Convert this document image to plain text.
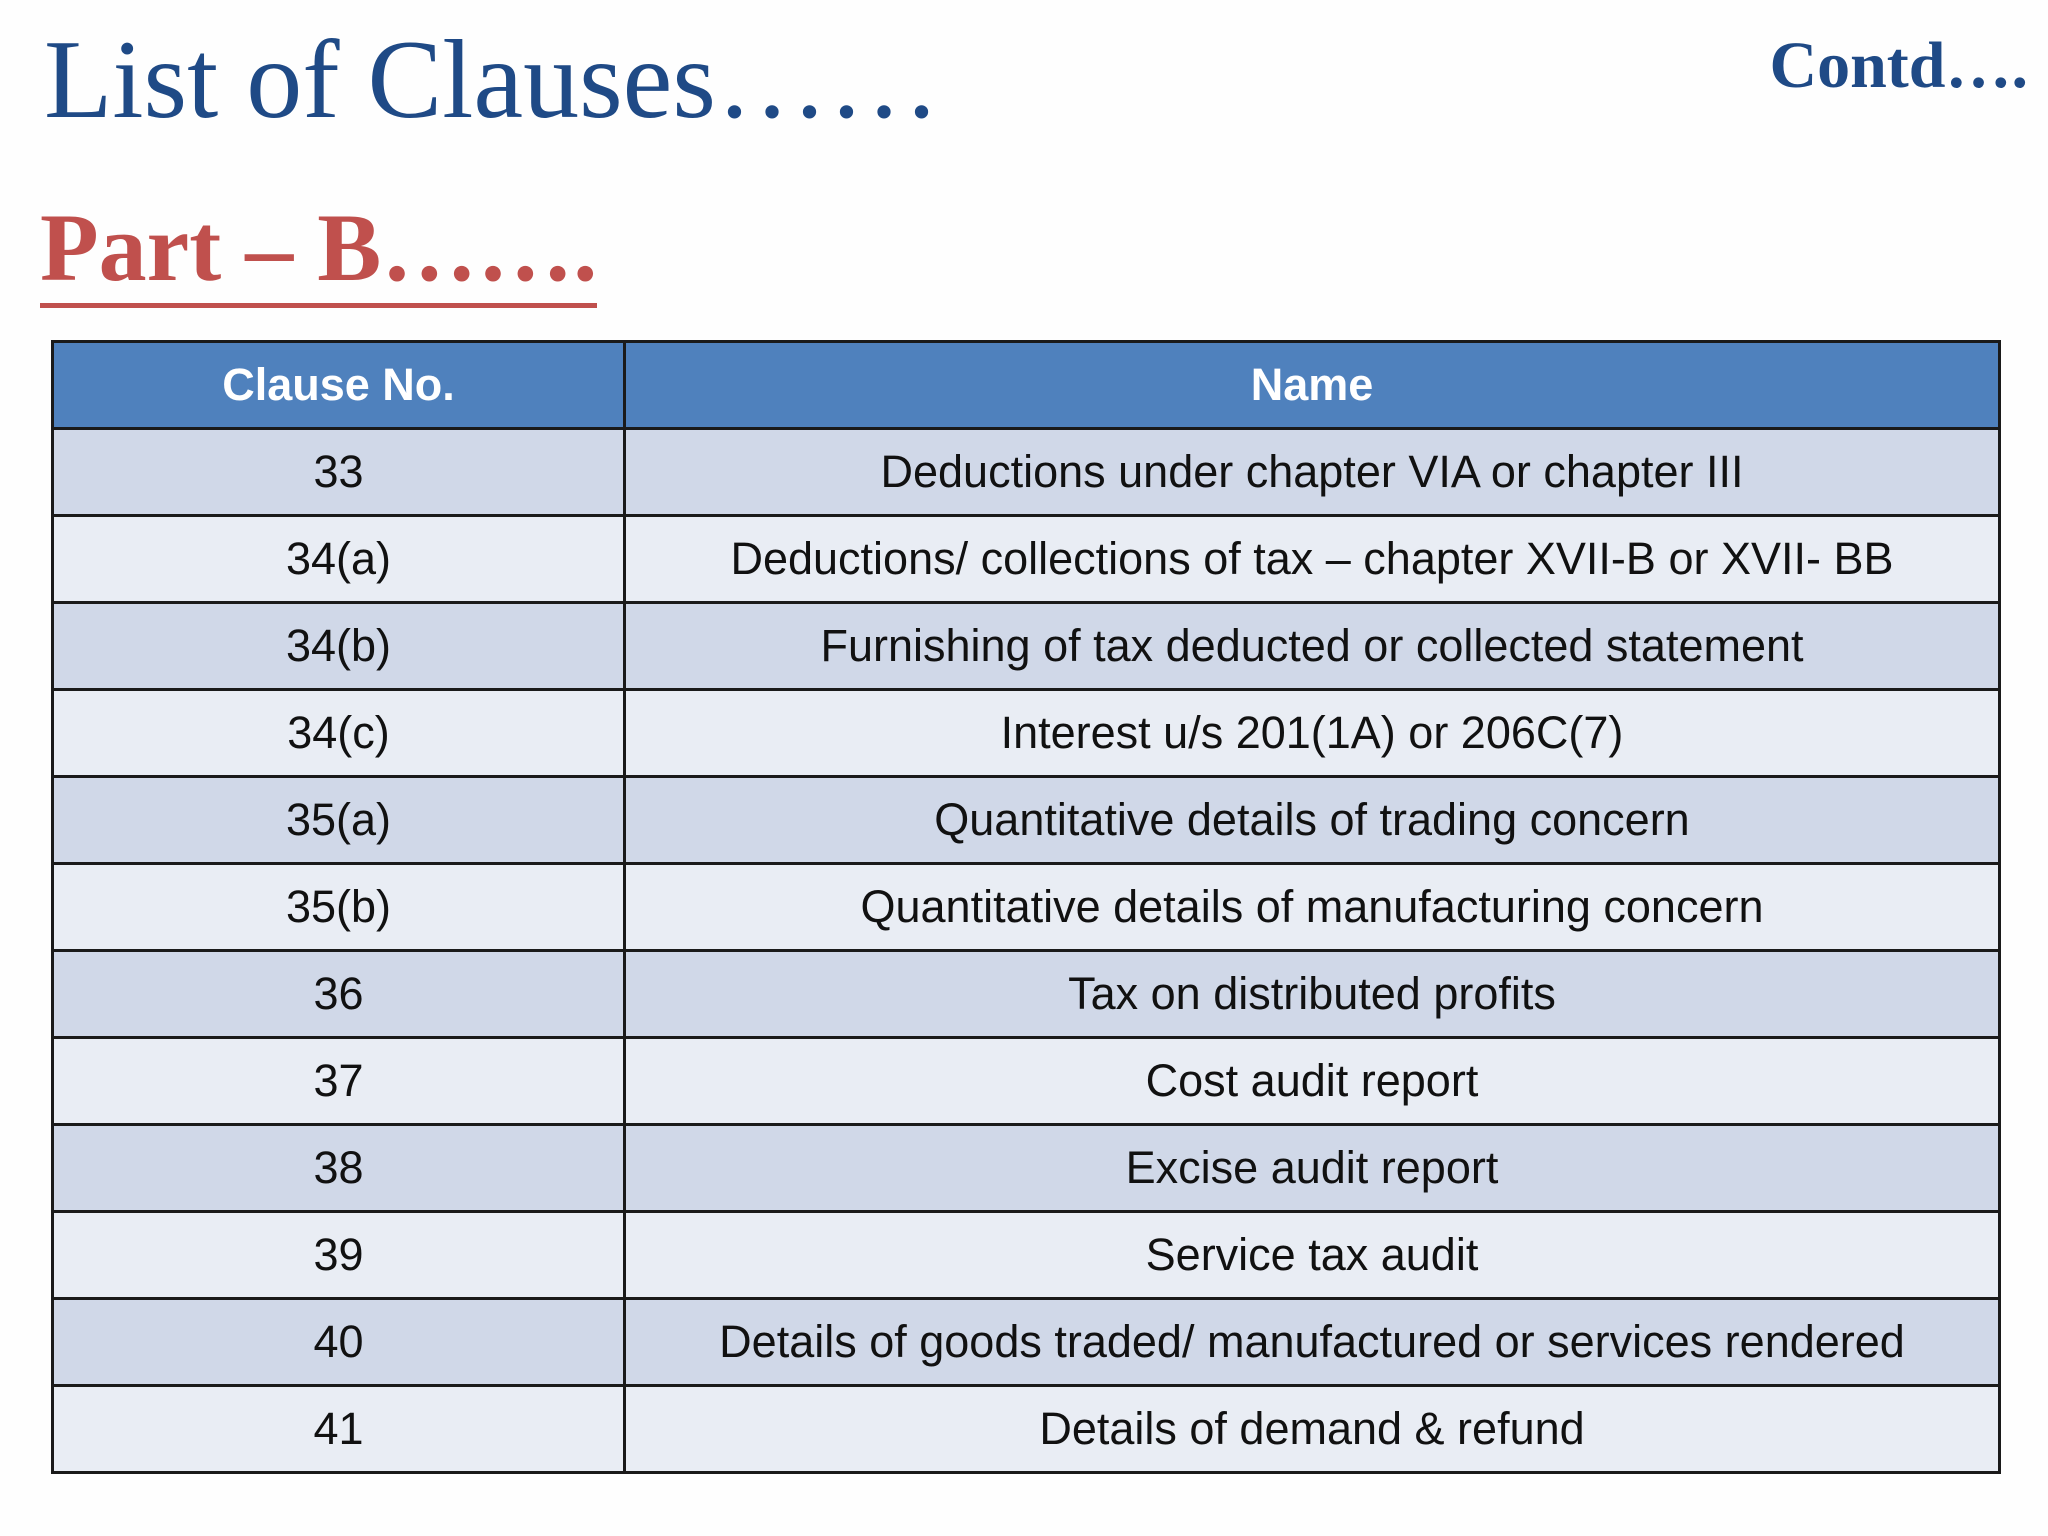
List of Clauses……	Contd….
Part – B…….
Clause No.	Name
33	Deductions under chapter VIA or chapter III
34(a)	Deductions/ collections of tax – chapter XVII-B or XVII- BB
34(b)	Furnishing of tax deducted or collected statement
34(c)	Interest u/s 201(1A) or 206C(7)
35(a)	Quantitative details of trading concern
35(b)	Quantitative details of manufacturing concern
36	Tax on distributed profits
37	Cost audit report
38	Excise audit report
39	Service tax audit
40	Details of goods traded/ manufactured or services rendered
41	Details of demand & refund
